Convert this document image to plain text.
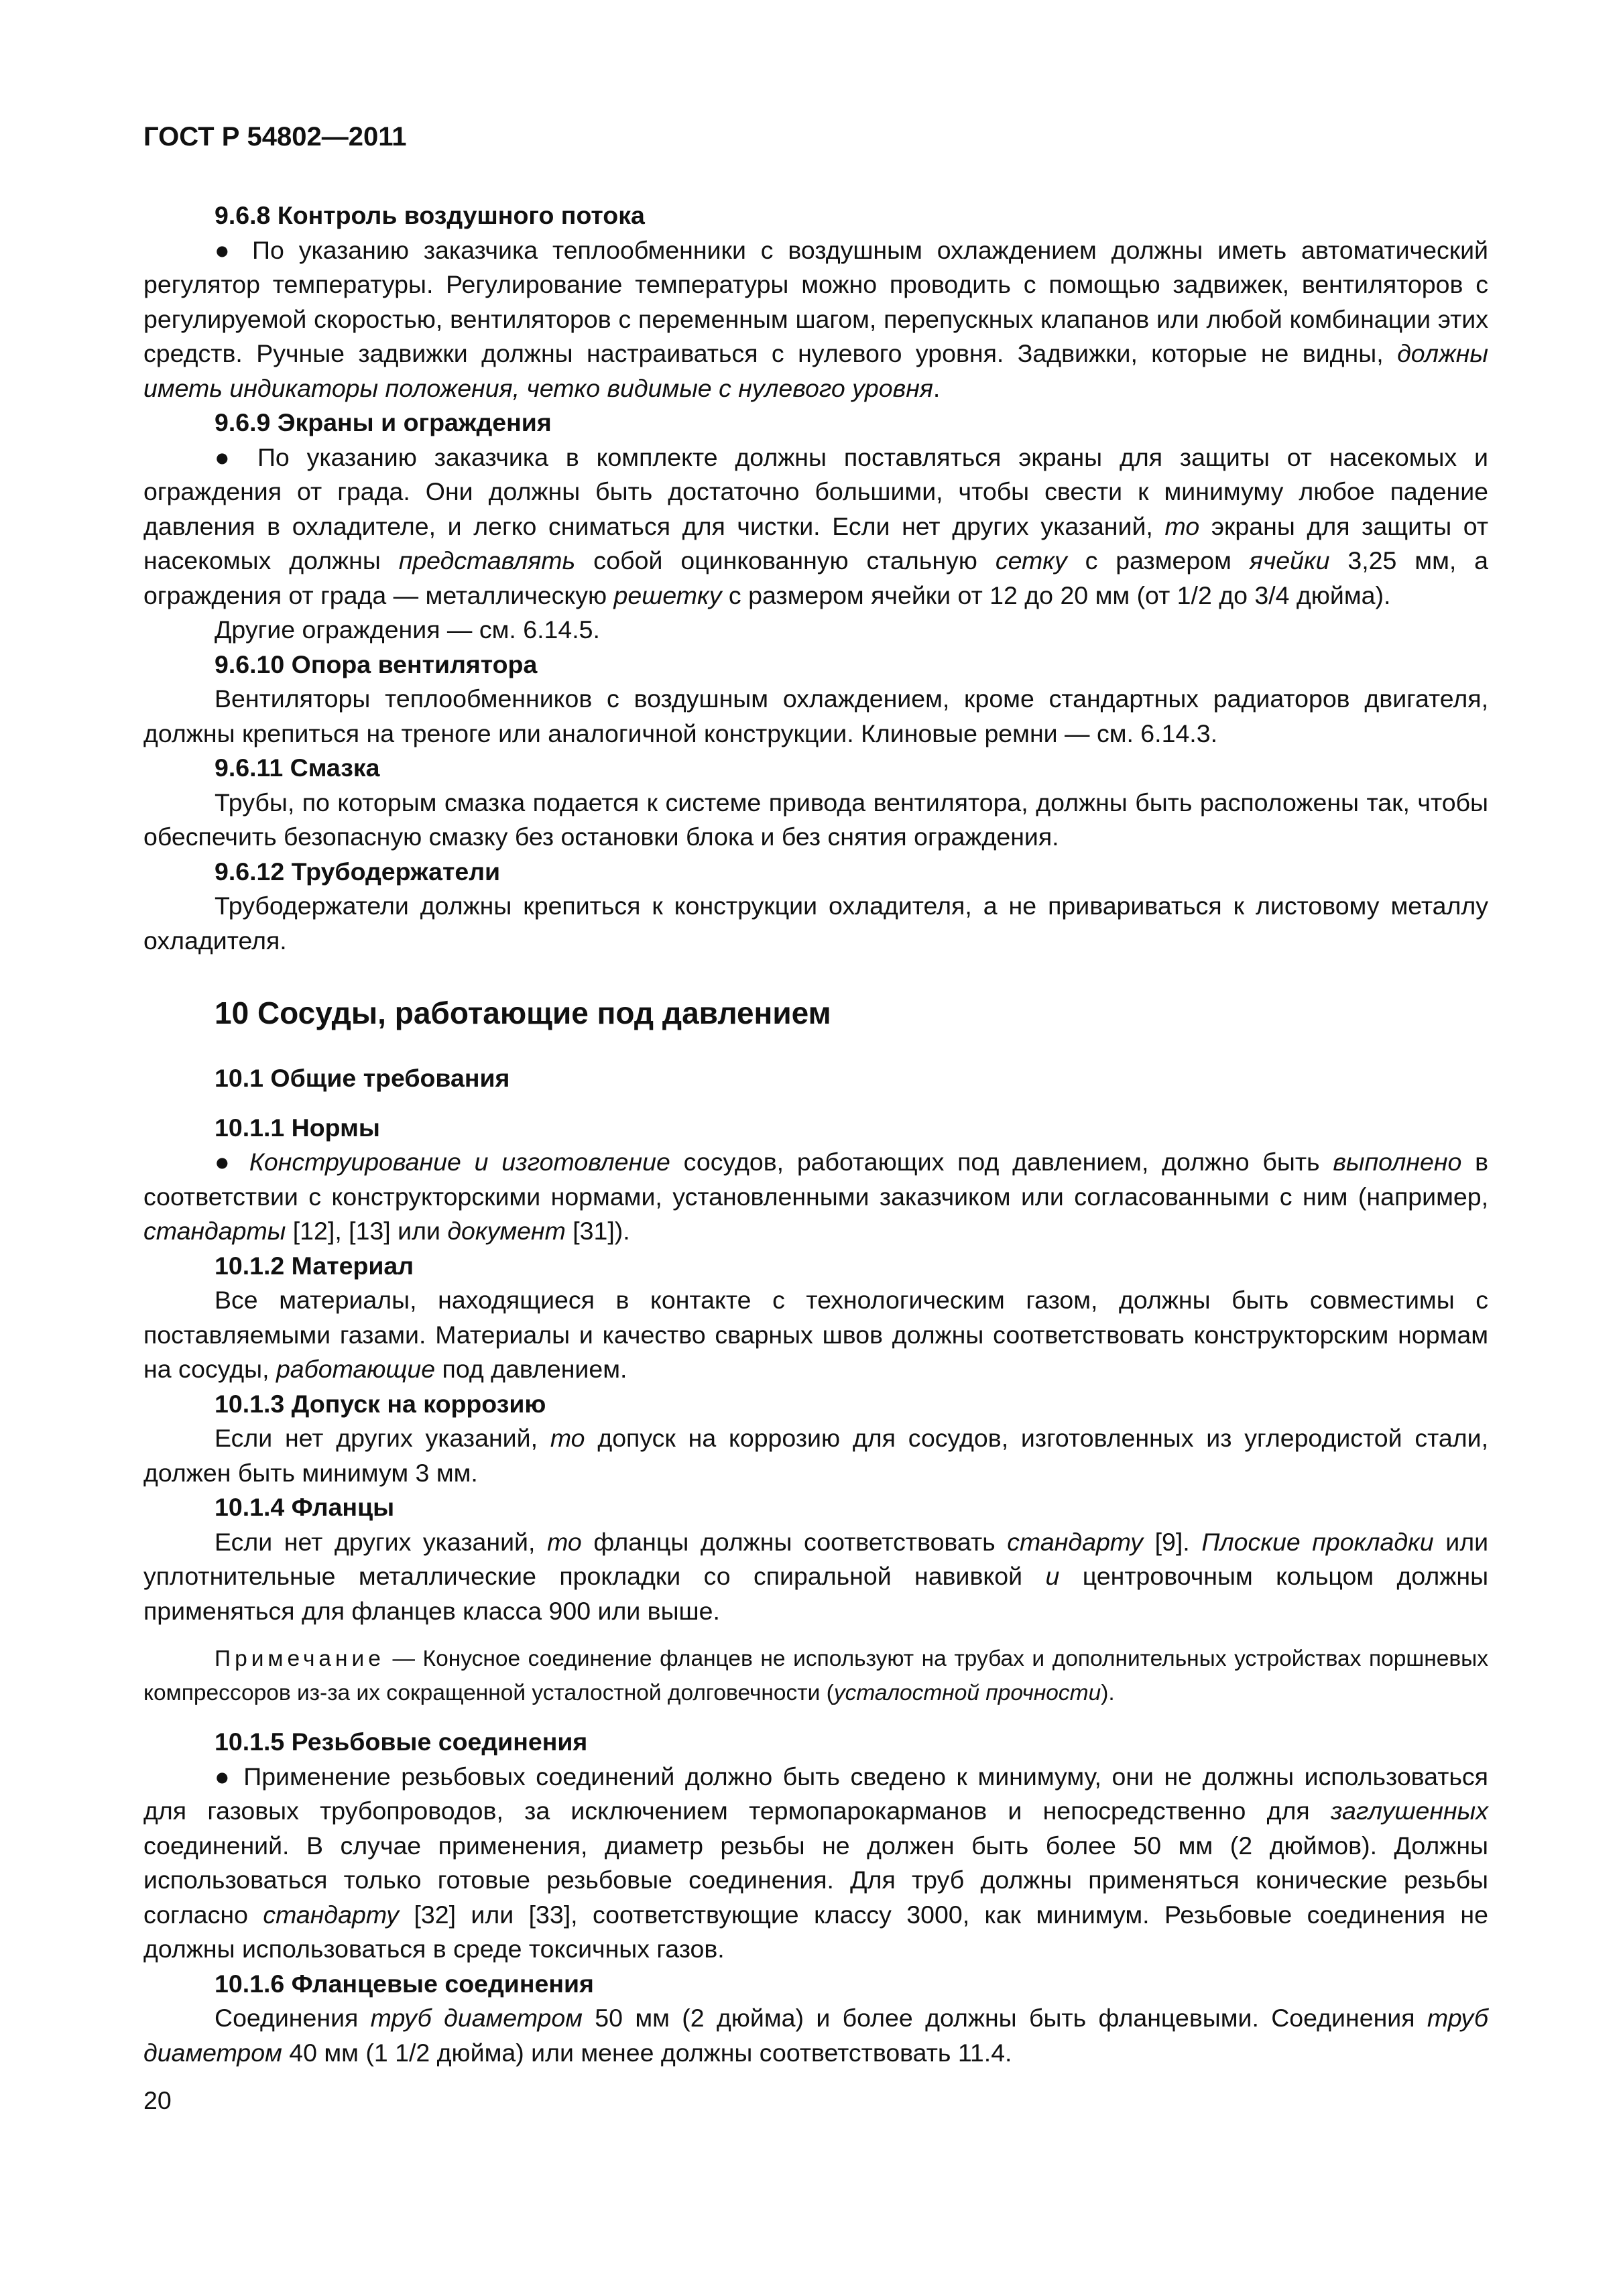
ГОСТ Р 54802—2011

9.6.8 Контроль воздушного потока

● По указанию заказчика теплообменники с воздушным охлаждением должны иметь автоматический регулятор температуры. Регулирование температуры можно проводить с помощью задвижек, вентиляторов с регулируемой скоростью, вентиляторов с переменным шагом, перепускных клапанов или любой комбинации этих средств. Ручные задвижки должны настраиваться с нулевого уровня. Задвижки, которые не видны, должны иметь индикаторы положения, четко видимые с нулевого уровня.

9.6.9 Экраны и ограждения

● По указанию заказчика в комплекте должны поставляться экраны для защиты от насекомых и ограждения от града. Они должны быть достаточно большими, чтобы свести к минимуму любое падение давления в охладителе, и легко сниматься для чистки. Если нет других указаний, то экраны для защиты от насекомых должны представлять собой оцинкованную стальную сетку с размером ячейки 3,25 мм, а ограждения от града — металлическую решетку с размером ячейки от 12 до 20 мм (от 1/2 до 3/4 дюйма).

Другие ограждения — см. 6.14.5.

9.6.10 Опора вентилятора

Вентиляторы теплообменников с воздушным охлаждением, кроме стандартных радиаторов двигателя, должны крепиться на треноге или аналогичной конструкции. Клиновые ремни — см. 6.14.3.

9.6.11 Смазка

Трубы, по которым смазка подается к системе привода вентилятора, должны быть расположены так, чтобы обеспечить безопасную смазку без остановки блока и без снятия ограждения.

9.6.12 Трубодержатели

Трубодержатели должны крепиться к конструкции охладителя, а не привариваться к листовому металлу охладителя.

10 Сосуды, работающие под давлением

10.1 Общие требования

10.1.1 Нормы

● Конструирование и изготовление сосудов, работающих под давлением, должно быть выполнено в соответствии с конструкторскими нормами, установленными заказчиком или согласованными с ним (например, стандарты [12], [13] или документ [31]).

10.1.2 Материал

Все материалы, находящиеся в контакте с технологическим газом, должны быть совместимы с поставляемыми газами. Материалы и качество сварных швов должны соответствовать конструкторским нормам на сосуды, работающие под давлением.

10.1.3 Допуск на коррозию

Если нет других указаний, то допуск на коррозию для сосудов, изготовленных из углеродистой стали, должен быть минимум 3 мм.

10.1.4 Фланцы

Если нет других указаний, то фланцы должны соответствовать стандарту [9]. Плоские прокладки или уплотнительные металлические прокладки со спиральной навивкой и центровочным кольцом должны применяться для фланцев класса 900 или выше.

Примечание — Конусное соединение фланцев не используют на трубах и дополнительных устройствах поршневых компрессоров из-за их сокращенной усталостной долговечности (усталостной прочности).

10.1.5 Резьбовые соединения

● Применение резьбовых соединений должно быть сведено к минимуму, они не должны использоваться для газовых трубопроводов, за исключением термопарокарманов и непосредственно для заглушенных соединений. В случае применения, диаметр резьбы не должен быть более 50 мм (2 дюймов). Должны использоваться только готовые резьбовые соединения. Для труб должны применяться конические резьбы согласно стандарту [32] или [33], соответствующие классу 3000, как минимум. Резьбовые соединения не должны использоваться в среде токсичных газов.

10.1.6 Фланцевые соединения

Соединения труб диаметром 50 мм (2 дюйма) и более должны быть фланцевыми. Соединения труб диаметром 40 мм (1 1/2 дюйма) или менее должны соответствовать 11.4.

20
